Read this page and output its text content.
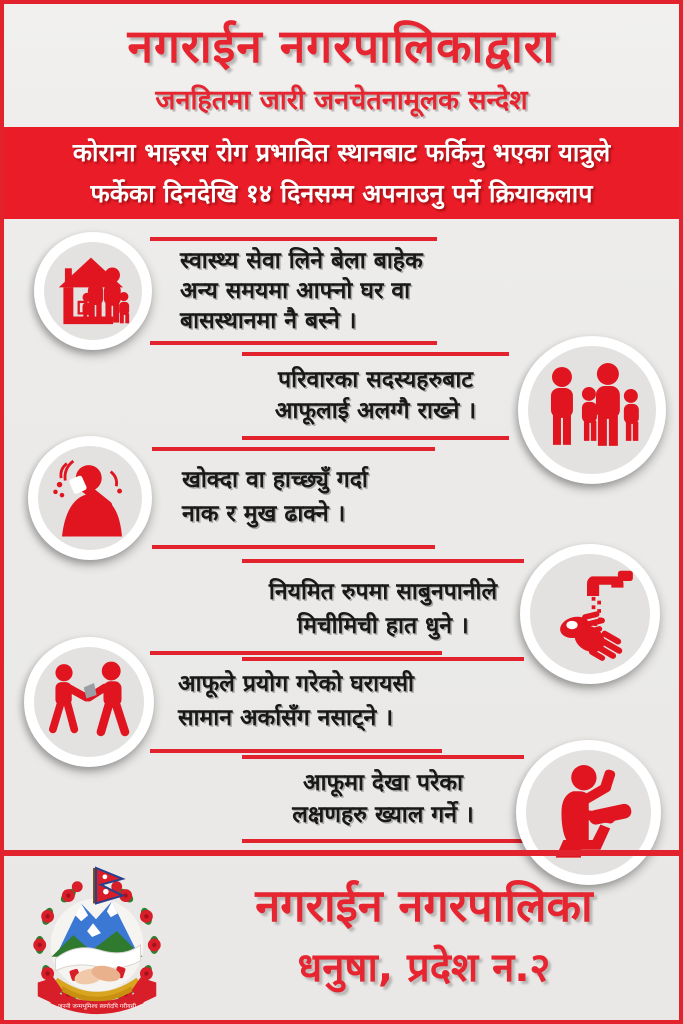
नगराईन नगरपालिकाद्वारा
जनहितमा जारी जनचेतनामूलक सन्देश
कोराना भाइरस रोग प्रभावित स्थानबाट फर्किनु भएका यात्रुले
फर्केका दिनदेखि १४ दिनसम्म अपनाउनु पर्ने क्रियाकलाप
स्वास्थ्य सेवा लिने बेला बाहेक
अन्य समयमा आफ्नो घर वा
बासस्थानमा नै बस्ने ।
परिवारका सदस्यहरुबाट
आफूलाई अलग्गै राख्ने ।
खोक्दा वा हाच्छ्युँ गर्दा
नाक र मुख ढाक्ने ।
नियमित रुपमा साबुनपानीले
मिचीमिची हात धुने ।
आफूले प्रयोग गरेको घरायसी
सामान अर्कासँग नसाट्ने ।
आफूमा देखा परेका
लक्षणहरु ख्याल गर्ने ।
जननी जन्मभूमिश्च स्वर्गादपि गरीयसी
नगराईन नगरपालिका
धनुषा, प्रदेश न.२
